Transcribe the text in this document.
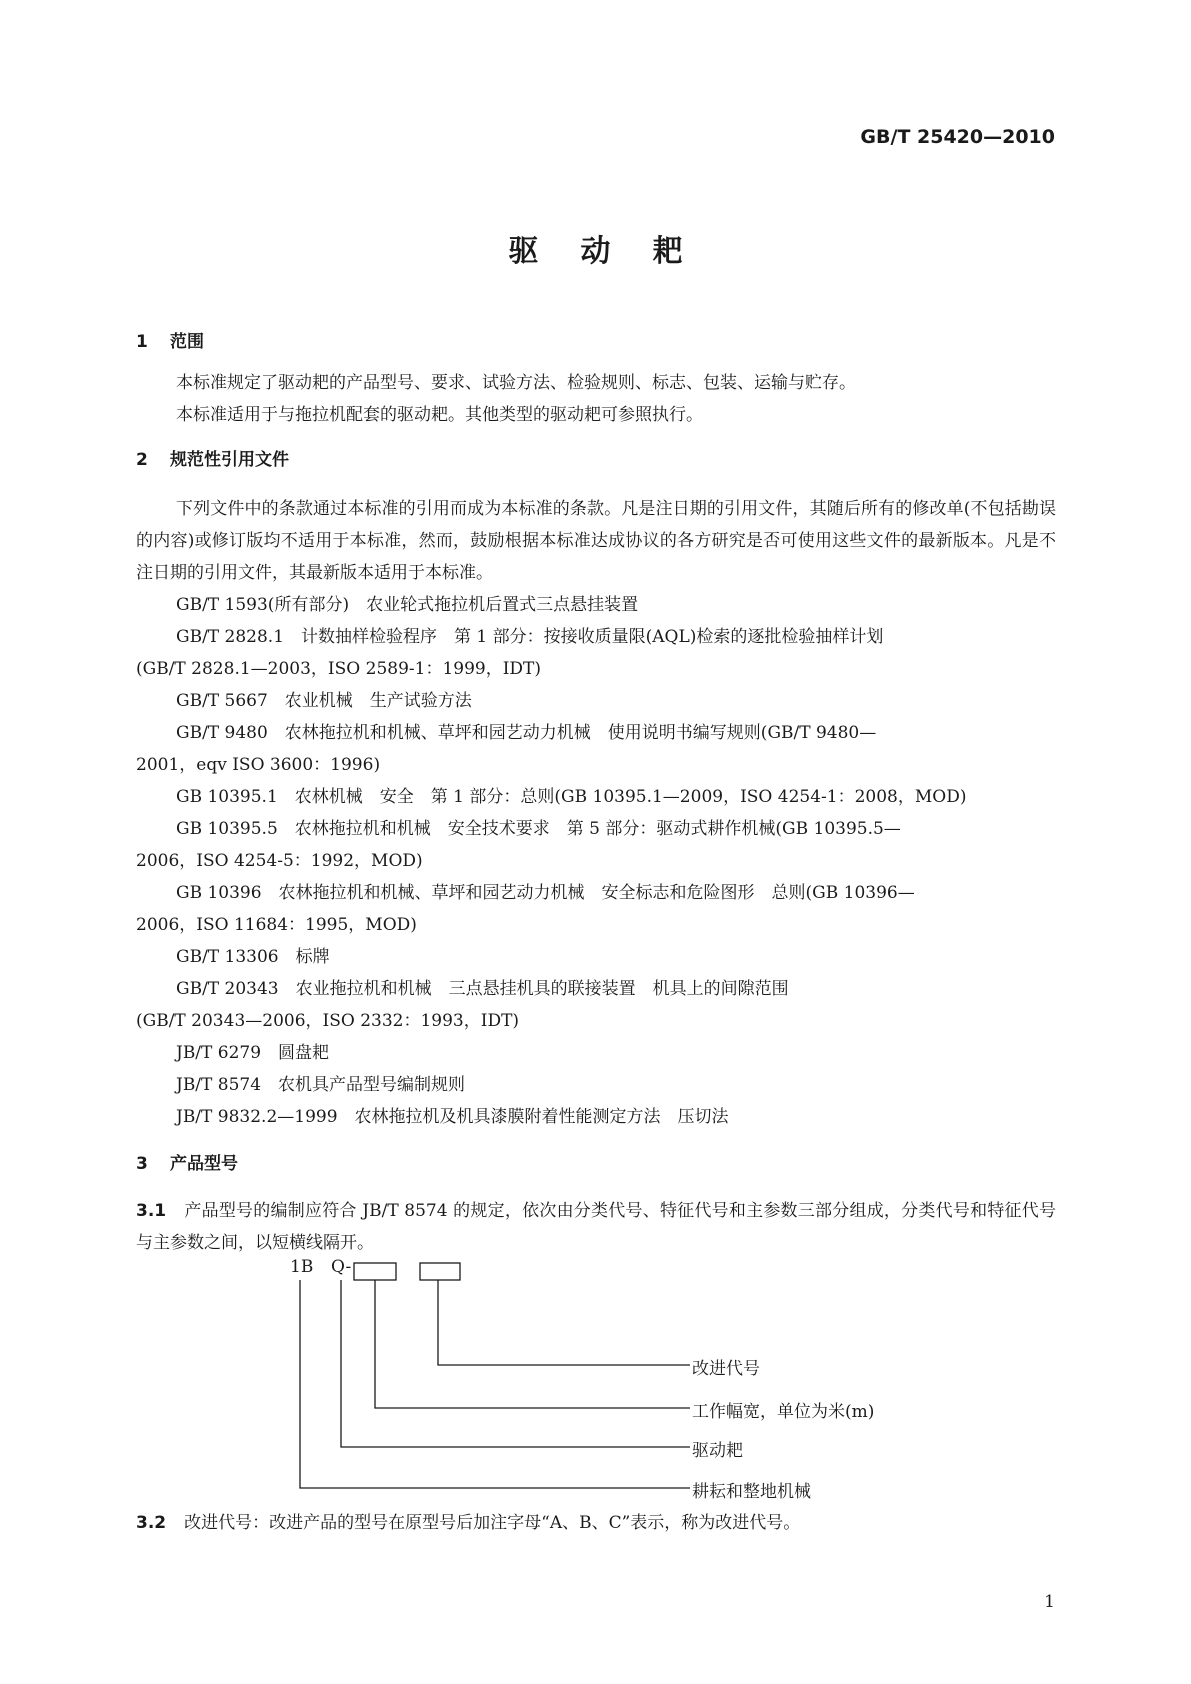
GB/T 25420—2010
驱动耙
1 范围
本标准规定了驱动耙的产品型号、要求、试验方法、检验规则、标志、包装、运输与贮存。
本标准适用于与拖拉机配套的驱动耙。其他类型的驱动耙可参照执行。
2 规范性引用文件
下列文件中的条款通过本标准的引用而成为本标准的条款。凡是注日期的引用文件，其随后所有的修改单(不包括勘误的内容)或修订版均不适用于本标准，然而，鼓励根据本标准达成协议的各方研究是否可使用这些文件的最新版本。凡是不注日期的引用文件，其最新版本适用于本标准。
GB/T 1593(所有部分)　农业轮式拖拉机后置式三点悬挂装置
GB/T 2828.1　计数抽样检验程序　第 1 部分：按接收质量限(AQL)检索的逐批检验抽样计划
(GB/T 2828.1—2003，ISO 2589-1：1999，IDT)
GB/T 5667　农业机械　生产试验方法
GB/T 9480　农林拖拉机和机械、草坪和园艺动力机械　使用说明书编写规则(GB/T 9480—
2001，eqv ISO 3600：1996)
GB 10395.1　农林机械　安全　第 1 部分：总则(GB 10395.1—2009，ISO 4254-1：2008，MOD)
GB 10395.5　农林拖拉机和机械　安全技术要求　第 5 部分：驱动式耕作机械(GB 10395.5—
2006，ISO 4254-5：1992，MOD)
GB 10396　农林拖拉机和机械、草坪和园艺动力机械　安全标志和危险图形　总则(GB 10396—
2006，ISO 11684：1995，MOD)
GB/T 13306　标牌
GB/T 20343　农业拖拉机和机械　三点悬挂机具的联接装置　机具上的间隙范围
(GB/T 20343—2006，ISO 2332：1993，IDT)
JB/T 6279　圆盘耙
JB/T 8574　农机具产品型号编制规则
JB/T 9832.2—1999　农林拖拉机及机具漆膜附着性能测定方法　压切法
3 产品型号
3.1 产品型号的编制应符合 JB/T 8574 的规定，依次由分类代号、特征代号和主参数三部分组成，分类代号和特征代号与主参数之间，以短横线隔开。
1B Q-
改进代号
工作幅宽，单位为米(m)
驱动耙
耕耘和整地机械
3.2 改进代号：改进产品的型号在原型号后加注字母“A、B、C”表示，称为改进代号。
1
